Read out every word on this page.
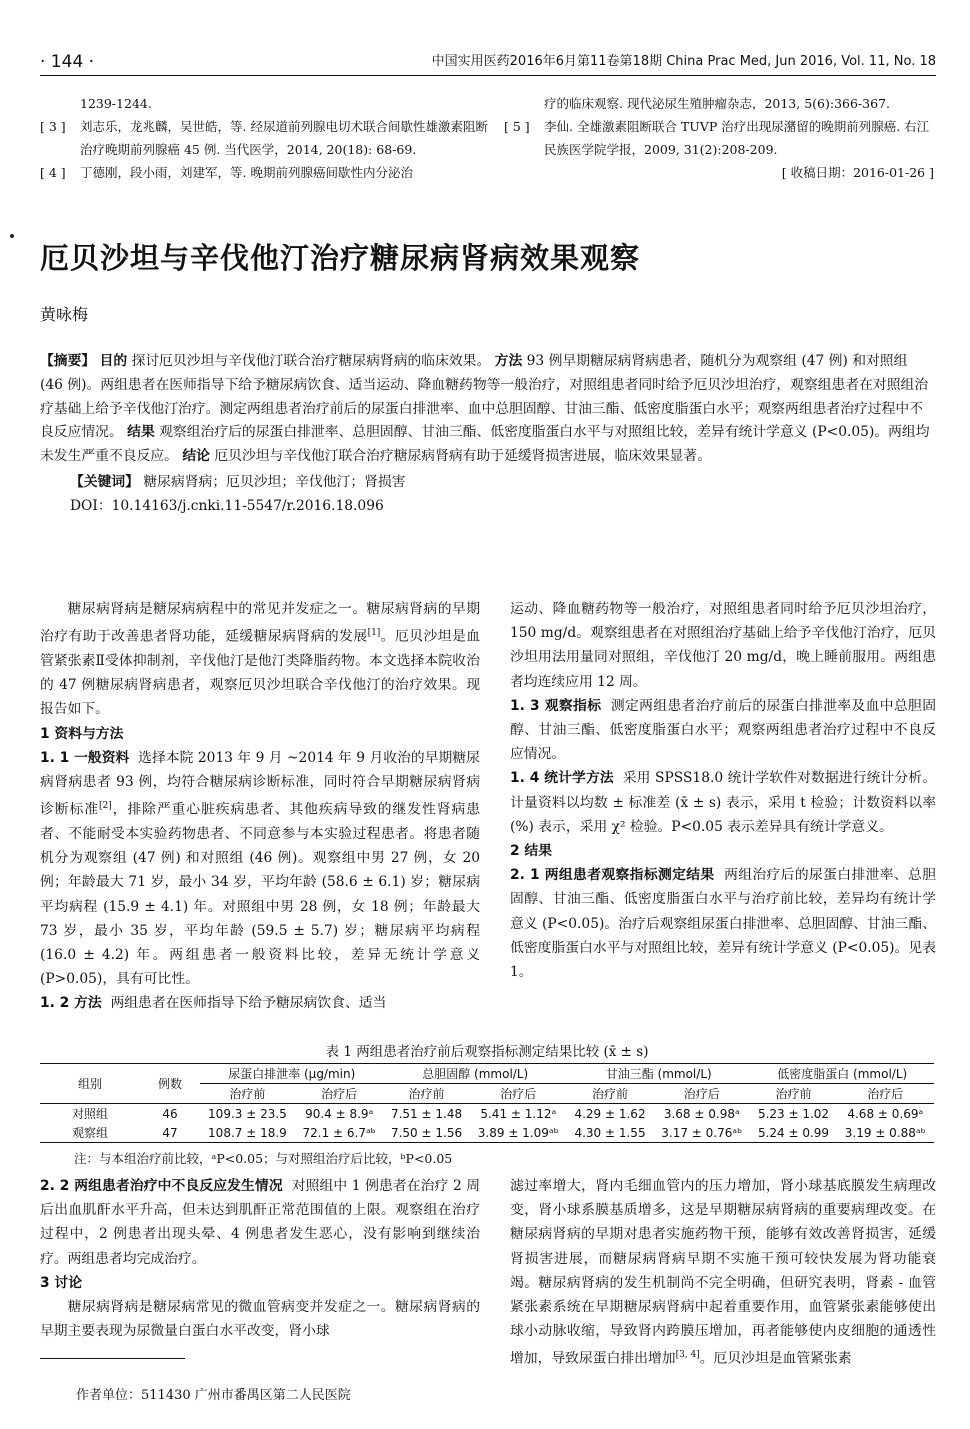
· 144 ·	中国实用医药2016年6月第11卷第18期 China Prac Med, Jun 2016, Vol. 11, No. 18
1239-1244.
[ 3 ]	刘志乐，龙兆麟，吴世皓，等. 经尿道前列腺电切术联合间歇性雄激素阻断治疗晚期前列腺癌 45 例. 当代医学，2014, 20(18): 68-69.
[ 4 ]	丁德刚，段小雨，刘建军，等. 晚期前列腺癌间歇性内分泌治
疗的临床观察. 现代泌尿生殖肿瘤杂志，2013, 5(6):366-367.
[ 5 ]	李仙. 全雄激素阻断联合 TUVP 治疗出现尿潴留的晚期前列腺癌. 右江民族医学院学报，2009, 31(2):208-209.
[ 收稿日期：2016-01-26 ]
厄贝沙坦与辛伐他汀治疗糖尿病肾病效果观察
黄咏梅
【摘要】 目的 探讨厄贝沙坦与辛伐他汀联合治疗糖尿病肾病的临床效果。 方法 93 例早期糖尿病肾病患者，随机分为观察组 (47 例) 和对照组 (46 例)。两组患者在医师指导下给予糖尿病饮食、适当运动、降血糖药物等一般治疗，对照组患者同时给予厄贝沙坦治疗，观察组患者在对照组治疗基础上给予辛伐他汀治疗。测定两组患者治疗前后的尿蛋白排泄率、血中总胆固醇、甘油三酯、低密度脂蛋白水平；观察两组患者治疗过程中不良反应情况。 结果 观察组治疗后的尿蛋白排泄率、总胆固醇、甘油三酯、低密度脂蛋白水平与对照组比较，差异有统计学意义 (P<0.05)。两组均未发生严重不良反应。 结论 厄贝沙坦与辛伐他汀联合治疗糖尿病肾病有助于延缓肾损害进展，临床效果显著。
【关键词】 糖尿病肾病；厄贝沙坦；辛伐他汀；肾损害
DOI：10.14163/j.cnki.11-5547/r.2016.18.096

糖尿病肾病是糖尿病病程中的常见并发症之一。糖尿病肾病的早期治疗有助于改善患者肾功能，延缓糖尿病肾病的发展[1]。厄贝沙坦是血管紧张素Ⅱ受体抑制剂，辛伐他汀是他汀类降脂药物。本文选择本院收治的 47 例糖尿病肾病患者，观察厄贝沙坦联合辛伐他汀的治疗效果。现报告如下。

1 资料与方法

1. 1 一般资料 选择本院 2013 年 9 月 ~2014 年 9 月收治的早期糖尿病肾病患者 93 例，均符合糖尿病诊断标准，同时符合早期糖尿病肾病诊断标准[2]，排除严重心脏疾病患者、其他疾病导致的继发性肾病患者、不能耐受本实验药物患者、不同意参与本实验过程患者。将患者随机分为观察组 (47 例) 和对照组 (46 例)。观察组中男 27 例，女 20 例；年龄最大 71 岁，最小 34 岁，平均年龄 (58.6 ± 6.1) 岁；糖尿病平均病程 (15.9 ± 4.1) 年。对照组中男 28 例，女 18 例；年龄最大 73 岁，最小 35 岁，平均年龄 (59.5 ± 5.7) 岁；糖尿病平均病程 (16.0 ± 4.2) 年。两组患者一般资料比较，差异无统计学意义 (P>0.05)，具有可比性。

1. 2 方法 两组患者在医师指导下给予糖尿病饮食、适当

运动、降血糖药物等一般治疗，对照组患者同时给予厄贝沙坦治疗，150 mg/d。观察组患者在对照组治疗基础上给予辛伐他汀治疗，厄贝沙坦用法用量同对照组，辛伐他汀 20 mg/d，晚上睡前服用。两组患者均连续应用 12 周。

1. 3 观察指标 测定两组患者治疗前后的尿蛋白排泄率及血中总胆固醇、甘油三酯、低密度脂蛋白水平；观察两组患者治疗过程中不良反应情况。

1. 4 统计学方法 采用 SPSS18.0 统计学软件对数据进行统计分析。计量资料以均数 ± 标准差 (x̄ ± s) 表示，采用 t 检验；计数资料以率 (%) 表示，采用 χ² 检验。P<0.05 表示差异具有统计学意义。

2 结果

2. 1 两组患者观察指标测定结果 两组治疗后的尿蛋白排泄率、总胆固醇、甘油三酯、低密度脂蛋白水平与治疗前比较，差异均有统计学意义 (P<0.05)。治疗后观察组尿蛋白排泄率、总胆固醇、甘油三酯、低密度脂蛋白水平与对照组比较，差异有统计学意义 (P<0.05)。见表 1。

表 1 两组患者治疗前后观察指标测定结果比较 (x̄ ± s)
组别	例数	尿蛋白排泄率 (μg/min)		总胆固醇 (mmol/L)		甘油三酯 (mmol/L)		低密度脂蛋白 (mmol/L)	
		治疗前	治疗后	治疗前	治疗后	治疗前	治疗后	治疗前	治疗后
对照组	46	109.3 ± 23.5	90.4 ± 8.9ᵃ	7.51 ± 1.48	5.41 ± 1.12ᵃ	4.29 ± 1.62	3.68 ± 0.98ᵃ	5.23 ± 1.02	4.68 ± 0.69ᵃ
观察组	47	108.7 ± 18.9	72.1 ± 6.7ᵃᵇ	7.50 ± 1.56	3.89 ± 1.09ᵃᵇ	4.30 ± 1.55	3.17 ± 0.76ᵃᵇ	5.24 ± 0.99	3.19 ± 0.88ᵃᵇ
注：与本组治疗前比较，ᵃP<0.05；与对照组治疗后比较，ᵇP<0.05

2. 2 两组患者治疗中不良反应发生情况 对照组中 1 例患者在治疗 2 周后出血肌酐水平升高，但未达到肌酐正常范围值的上限。观察组在治疗过程中，2 例患者出现头晕、4 例患者发生恶心，没有影响到继续治疗。两组患者均完成治疗。

3 讨论

糖尿病肾病是糖尿病常见的微血管病变并发症之一。糖尿病肾病的早期主要表现为尿微量白蛋白水平改变，肾小球

滤过率增大，肾内毛细血管内的压力增加，肾小球基底膜发生病理改变，肾小球系膜基质增多，这是早期糖尿病肾病的重要病理改变。在糖尿病肾病的早期对患者实施药物干预，能够有效改善肾损害，延缓肾损害进展，而糖尿病肾病早期不实施干预可较快发展为肾功能衰竭。糖尿病肾病的发生机制尚不完全明确，但研究表明，肾素 - 血管紧张素系统在早期糖尿病肾病中起着重要作用，血管紧张素能够使出球小动脉收缩，导致肾内跨膜压增加，再者能够使内皮细胞的通透性增加，导致尿蛋白排出增加[3, 4]。厄贝沙坦是血管紧张素

作者单位：511430 广州市番禺区第二人民医院
